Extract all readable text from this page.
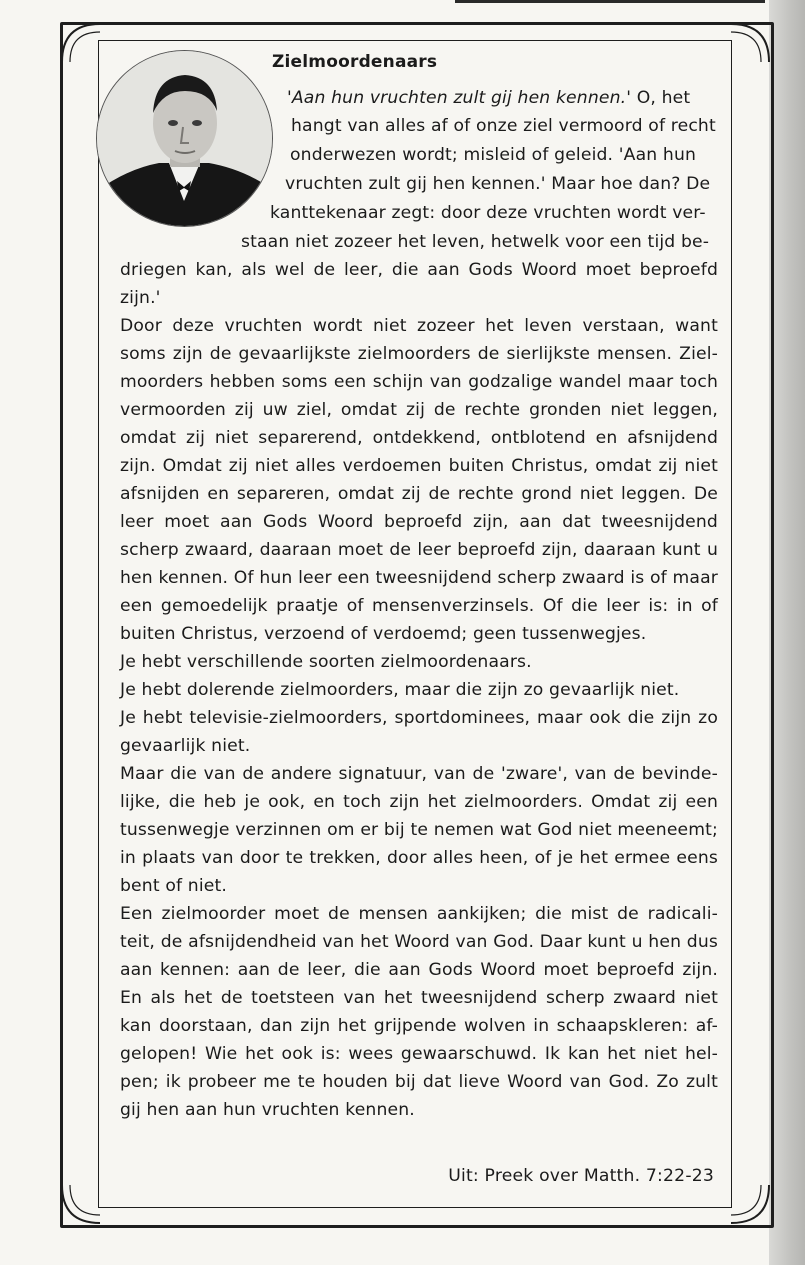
Zielmoordenaars
'Aan hun vruchten zult gij hen kennen.' O, het
hangt van alles af of onze ziel vermoord of recht
onderwezen wordt; misleid of geleid. 'Aan hun
vruchten zult gij hen kennen.' Maar hoe dan? De
kanttekenaar zegt: door deze vruchten wordt ver-
staan niet zozeer het leven, hetwelk voor een tijd be-
driegen kan, als wel de leer, die aan Gods Woord moet beproefd zijn.'

Door deze vruchten wordt niet zozeer het leven verstaan, want soms zijn de gevaarlijkste zielmoorders de sierlijkste mensen. Ziel-moorders hebben soms een schijn van godzalige wandel maar toch vermoorden zij uw ziel, omdat zij de rechte gronden niet leggen, omdat zij niet separerend, ontdekkend, ontblotend en afsnijdend zijn. Omdat zij niet alles verdoemen buiten Christus, omdat zij niet afsnijden en separeren, omdat zij de rechte grond niet leggen. De leer moet aan Gods Woord beproefd zijn, aan dat tweesnijdend scherp zwaard, daaraan moet de leer beproefd zijn, daaraan kunt u hen kennen. Of hun leer een tweesnijdend scherp zwaard is of maar een gemoedelijk praatje of mensenverzinsels. Of die leer is: in of buiten Christus, verzoend of verdoemd; geen tussenwegjes.

Je hebt verschillende soorten zielmoordenaars.

Je hebt dolerende zielmoorders, maar die zijn zo gevaarlijk niet.

Je hebt televisie-zielmoorders, sportdominees, maar ook die zijn zo gevaarlijk niet.

Maar die van de andere signatuur, van de 'zware', van de bevinde-lijke, die heb je ook, en toch zijn het zielmoorders. Omdat zij een tussenwegje verzinnen om er bij te nemen wat God niet meeneemt; in plaats van door te trekken, door alles heen, of je het ermee eens bent of niet.

Een zielmoorder moet de mensen aankijken; die mist de radicali-teit, de afsnijdendheid van het Woord van God. Daar kunt u hen dus aan kennen: aan de leer, die aan Gods Woord moet beproefd zijn. En als het de toetsteen van het tweesnijdend scherp zwaard niet kan doorstaan, dan zijn het grijpende wolven in schaapskleren: af-gelopen! Wie het ook is: wees gewaarschuwd. Ik kan het niet hel-pen; ik probeer me te houden bij dat lieve Woord van God. Zo zult gij hen aan hun vruchten kennen.

Uit: Preek over Matth. 7:22-23
